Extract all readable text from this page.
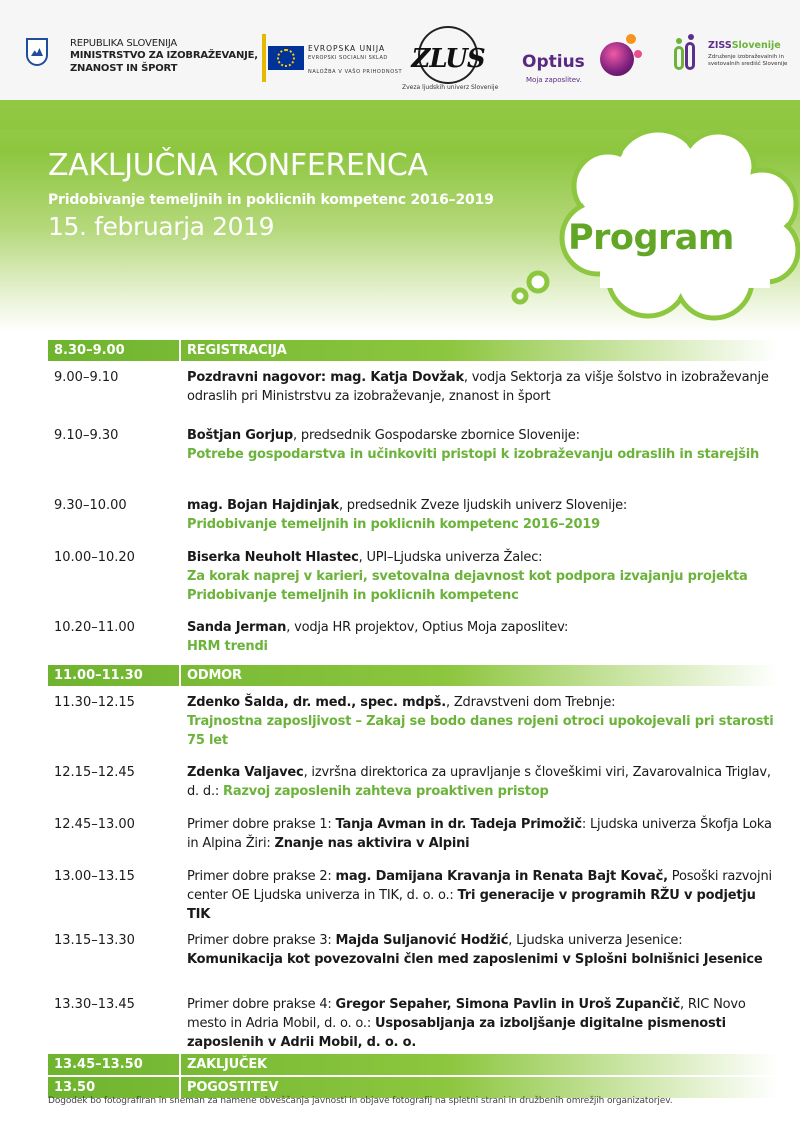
REPUBLIKA SLOVENIJA
MINISTRSTVO ZA IZOBRAŽEVANJE,
ZNANOST IN ŠPORT
EVROPSKA UNIJA
EVROPSKI SOCIALNI SKLAD
NALOŽBA V VAŠO PRIHODNOST ZLUS
Zveza ljudskih univerz Slovenije
Optius
Moja zaposlitev.
ZISSSlovenije
Združenje izobraževalnih in svetovalnih središč Slovenije
ZAKLJUČNA KONFERENCA
Pridobivanje temeljnih in poklicnih kompetenc 2016–2019
15. februarja 2019	Program
8.30–9.00	REGISTRACIJA
9.00–9.10	Pozdravni nagovor: mag. Katja Dovžak, vodja Sektorja za višje šolstvo in izobraževanje odraslih pri Ministrstvu za izobraževanje, znanost in šport
9.10–9.30	Boštjan Gorjup, predsednik Gospodarske zbornice Slovenije:
Potrebe gospodarstva in učinkoviti pristopi k izobraževanju odraslih in starejših
9.30–10.00	mag. Bojan Hajdinjak, predsednik Zveze ljudskih univerz Slovenije:
Pridobivanje temeljnih in poklicnih kompetenc 2016–2019
10.00–10.20	Biserka Neuholt Hlastec, UPI–Ljudska univerza Žalec:
Za korak naprej v karieri, svetovalna dejavnost kot podpora izvajanju projekta Pridobivanje temeljnih in poklicnih kompetenc
10.20–11.00	Sanda Jerman, vodja HR projektov, Optius Moja zaposlitev:
HRM trendi
11.00–11.30	ODMOR
11.30–12.15	Zdenko Šalda, dr. med., spec. mdpš., Zdravstveni dom Trebnje:
Trajnostna zaposljivost – Zakaj se bodo danes rojeni otroci upokojevali pri starosti 75 let
12.15–12.45	Zdenka Valjavec, izvršna direktorica za upravljanje s človeškimi viri, Zavarovalnica Triglav, d. d.: Razvoj zaposlenih zahteva proaktiven pristop
12.45–13.00	Primer dobre prakse 1: Tanja Avman in dr. Tadeja Primožič: Ljudska univerza Škofja Loka in Alpina Žiri: Znanje nas aktivira v Alpini
13.00–13.15	Primer dobre prakse 2: mag. Damijana Kravanja in Renata Bajt Kovač, Posoški razvojni center OE Ljudska univerza in TIK, d. o. o.: Tri generacije v programih RŽU v podjetju TIK
13.15–13.30	Primer dobre prakse 3: Majda Suljanović Hodžić, Ljudska univerza Jesenice: Komunikacija kot povezovalni člen med zaposlenimi v Splošni bolnišnici Jesenice
13.30–13.45	Primer dobre prakse 4: Gregor Sepaher, Simona Pavlin in Uroš Zupančič, RIC Novo mesto in Adria Mobil, d. o. o.: Usposabljanja za izboljšanje digitalne pismenosti zaposlenih v Adrii Mobil, d. o. o.
13.45–13.50	ZAKLJUČEK
13.50	POGOSTITEV
Dogodek bo fotografiran in sneman za namene obveščanja javnosti in objave fotografij na spletni strani in družbenih omrežjih organizatorjev.
